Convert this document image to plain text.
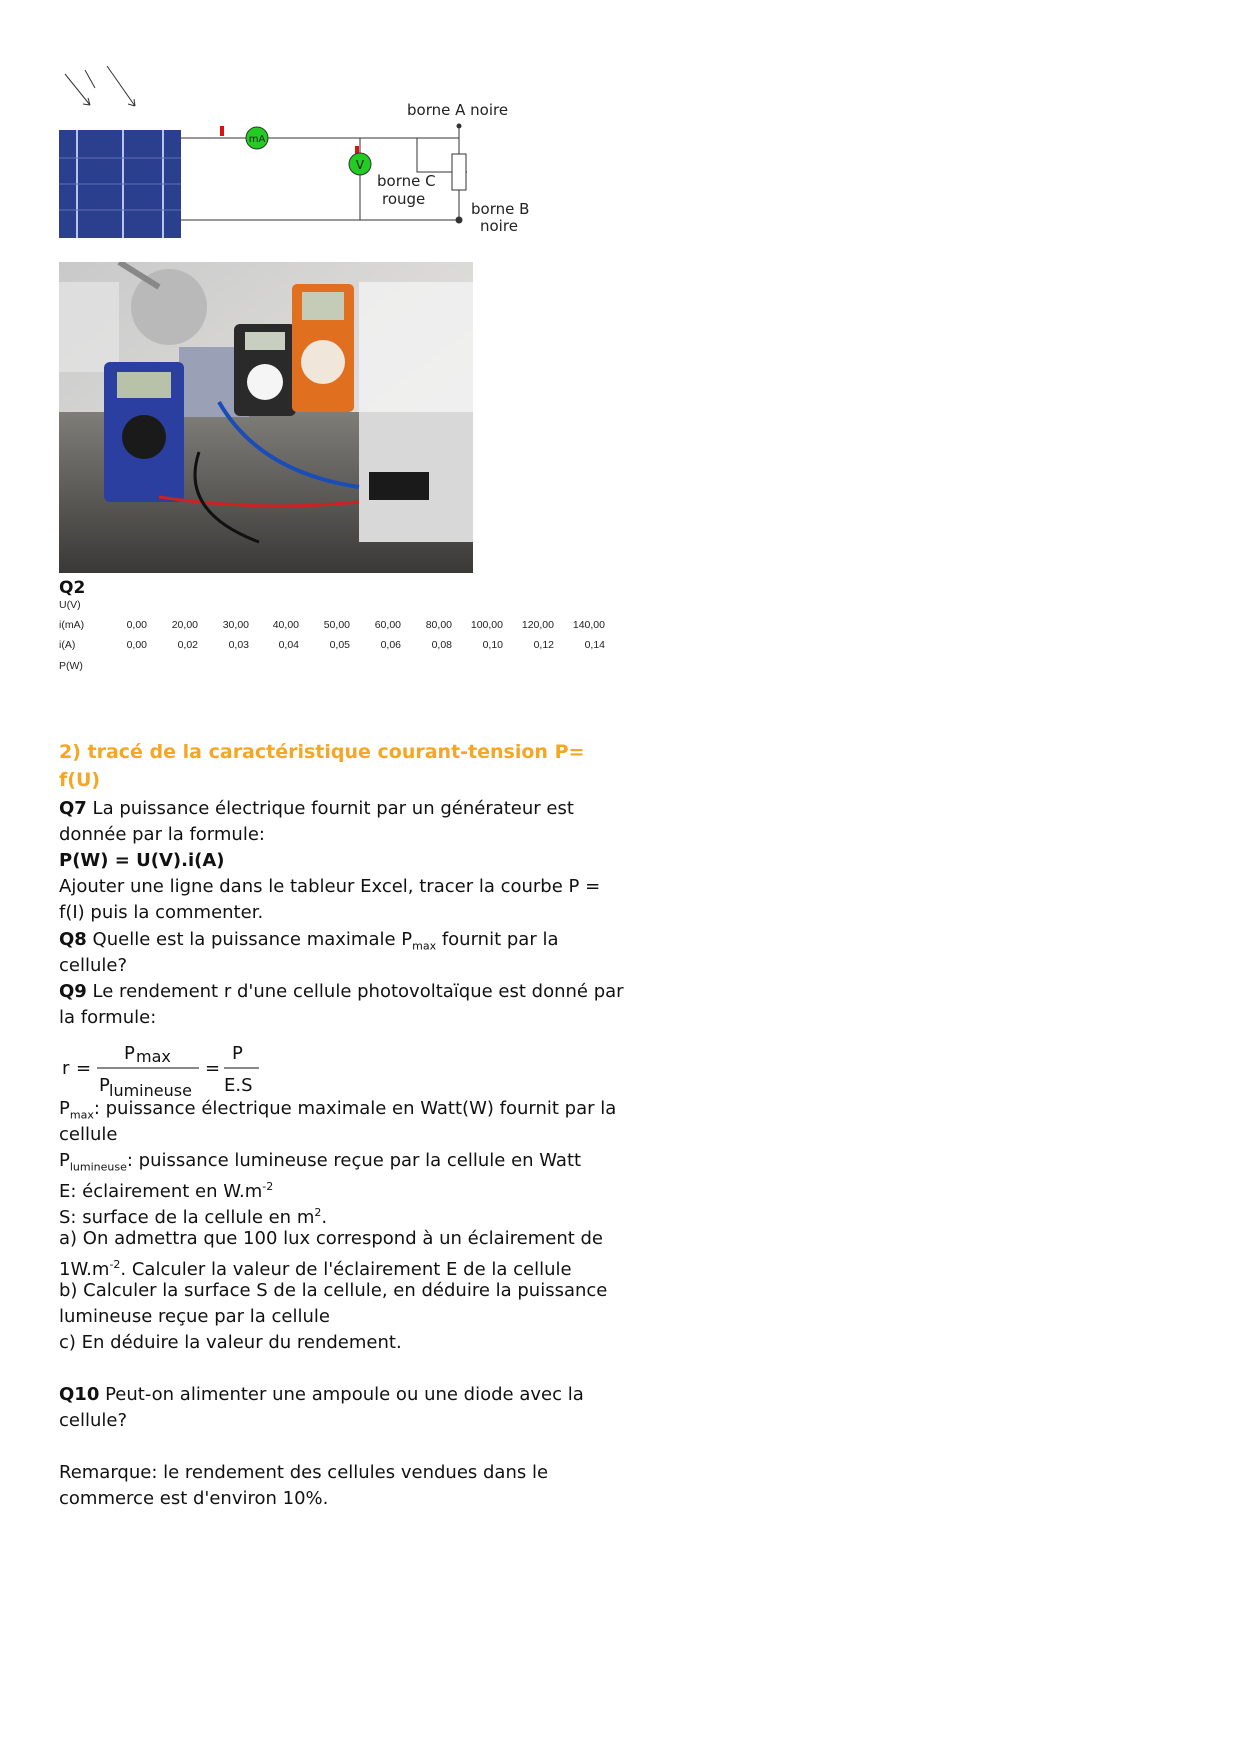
mA
V
borne A noire
borne C
rouge
borne B
noire
Q2
U(V)
i(mA)	0,00	20,00	30,00	40,00	50,00	60,00	80,00	100,00	120,00	140,00
i(A)	0,00	0,02	0,03	0,04	0,05	0,06	0,08	0,10	0,12	0,14
P(W)
2) tracé de la caractéristique courant-tension P=
f(U)
Q7 La puissance électrique fournit par un générateur est
donnée par la formule:
P(W) = U(V).i(A)
Ajouter une ligne dans le tableur Excel, tracer la courbe P =
f(I) puis la commenter.
Q8 Quelle est la puissance maximale $P_{max}$ fournit par la
cellule?
Q9 Le rendement r d'une cellule photovoltaïque est donné par
la formule:
r =
P max
P lumineuse
=
P
E.S
$P_{max}$: puissance électrique maximale en Watt(W) fournit par la
cellule
$P_{lumineuse}$: puissance lumineuse reçue par la cellule en Watt
E: éclairement en $W.m^{-2}$
S: surface de la cellule en $m^2$.
a) On admettra que 100 lux correspond à un éclairement de
$1W.m^{-2}$. Calculer la valeur de l'éclairement E de la cellule
b) Calculer la surface S de la cellule, en déduire la puissance
lumineuse reçue par la cellule
c) En déduire la valeur du rendement.
Q10 Peut-on alimenter une ampoule ou une diode avec la
cellule?
Remarque: le rendement des cellules vendues dans le
commerce est d'environ 10%.
